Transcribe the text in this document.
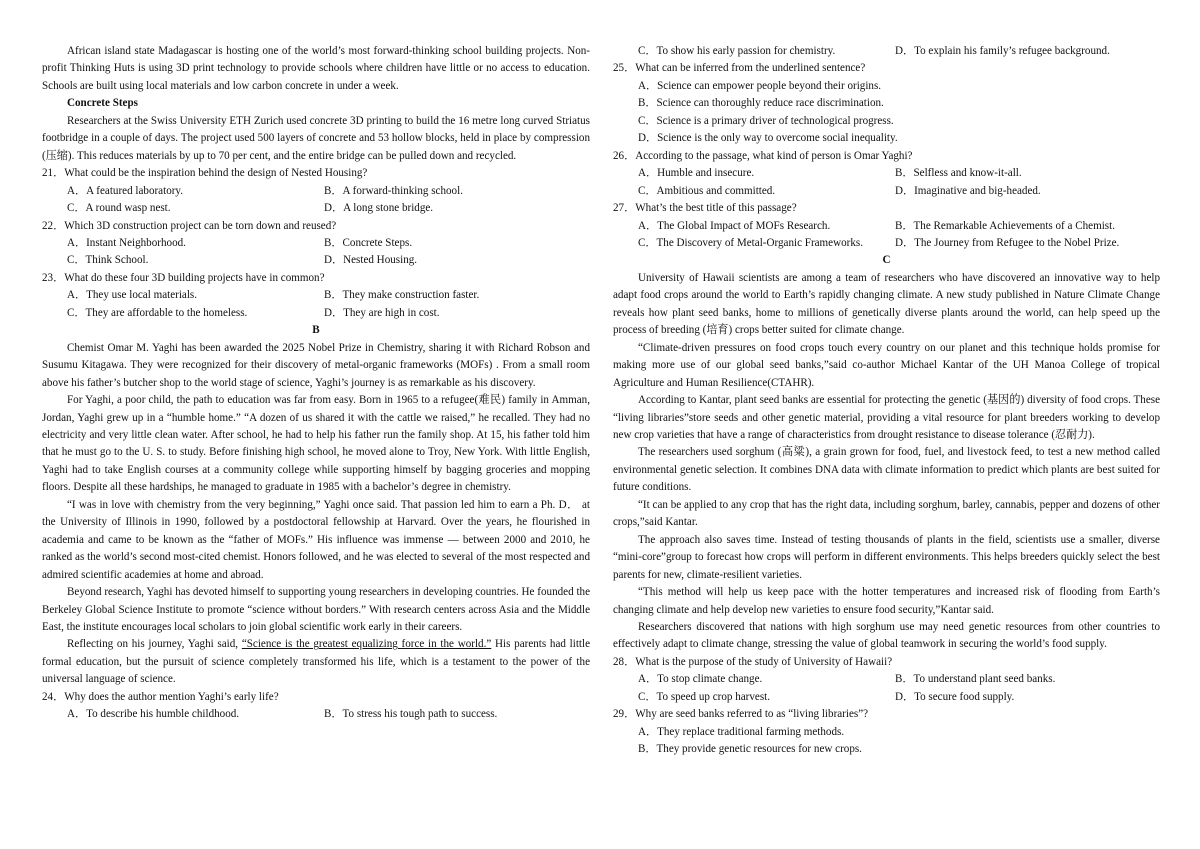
African island state Madagascar is hosting one of the world’s most forward-thinking school building projects. Non-profit Thinking Huts is using 3D print technology to provide schools where children have little or no access to education. Schools are built using local materials and low carbon concrete in under a week.

Concrete Steps

Researchers at the Swiss University ETH Zurich used concrete 3D printing to build the 16 metre long curved Striatus footbridge in a couple of days. The project used 500 layers of concrete and 53 hollow blocks, held in place by compression (压缩). This reduces materials by up to 70 per cent, and the entire bridge can be pulled down and recycled.

21．What could be the inspiration behind the design of Nested Housing?

A．A featured laboratory.	B．A forward-thinking school.
C．A round wasp nest.	D．A long stone bridge.

22．Which 3D construction project can be torn down and reused?

A．Instant Neighborhood.	B．Concrete Steps.
C．Think School.	D．Nested Housing.

23．What do these four 3D building projects have in common?

A．They use local materials.	B．They make construction faster.
C．They are affordable to the homeless.	D．They are high in cost.

B

Chemist Omar M. Yaghi has been awarded the 2025 Nobel Prize in Chemistry, sharing it with Richard Robson and Susumu Kitagawa. They were recognized for their discovery of metal-organic frameworks (MOFs) . From a small room above his father’s butcher shop to the world stage of science, Yaghi’s journey is as remarkable as his discovery.

For Yaghi, a poor child, the path to education was far from easy. Born in 1965 to a refugee(难民) family in Amman, Jordan, Yaghi grew up in a “humble home.” “A dozen of us shared it with the cattle we raised,” he recalled. They had no electricity and very little clean water. After school, he had to help his father run the family shop. At 15, his father told him that he must go to the U. S. to study. Before finishing high school, he moved alone to Troy, New York. With little English, Yaghi had to take English courses at a community college while supporting himself by bagging groceries and mopping floors. Despite all these hardships, he managed to graduate in 1985 with a bachelor’s degree in chemistry.

“I was in love with chemistry from the very beginning,” Yaghi once said. That passion led him to earn a Ph. D． at the University of Illinois in 1990, followed by a postdoctoral fellowship at Harvard. Over the years, he flourished in academia and came to be known as the “father of MOFs.” His influence was immense — between 2000 and 2010, he ranked as the world’s second most-cited chemist. Honors followed, and he was elected to several of the most respected and admired scientific academies at home and abroad.

Beyond research, Yaghi has devoted himself to supporting young researchers in developing countries. He founded the Berkeley Global Science Institute to promote “science without borders.” With research centers across Asia and the Middle East, the institute encourages local scholars to join global scientific work early in their careers.

Reflecting on his journey, Yaghi said, “Science is the greatest equalizing force in the world.” His parents had little formal education, but the pursuit of science completely transformed his life, which is a testament to the power of the universal language of science.

24．Why does the author mention Yaghi’s early life?

A．To describe his humble childhood.	B．To stress his tough path to success.
C．To show his early passion for chemistry.	D．To explain his family’s refugee background.

25．What can be inferred from the underlined sentence?

A．Science can empower people beyond their origins.
B．Science can thoroughly reduce race discrimination.
C．Science is a primary driver of technological progress.
D．Science is the only way to overcome social inequality.

26．According to the passage, what kind of person is Omar Yaghi?

A．Humble and insecure.	B．Selfless and know-it-all.
C．Ambitious and committed.	D．Imaginative and big-headed.

27．What’s the best title of this passage?

A．The Global Impact of MOFs Research.	B．The Remarkable Achievements of a Chemist.
C．The Discovery of Metal-Organic Frameworks.	D．The Journey from Refugee to the Nobel Prize.

C

University of Hawaii scientists are among a team of researchers who have discovered an innovative way to help adapt food crops around the world to Earth’s rapidly changing climate. A new study published in Nature Climate Change reveals how plant seed banks, home to millions of genetically diverse plants around the world, can help speed up the process of breeding (培育) crops better suited for climate change.

“Climate-driven pressures on food crops touch every country on our planet and this technique holds promise for making more use of our global seed banks,”said co-author Michael Kantar of the UH Manoa College of tropical Agriculture and Human Resilience(CTAHR).

According to Kantar, plant seed banks are essential for protecting the genetic (基因的) diversity of food crops. These “living libraries”store seeds and other genetic material, providing a vital resource for plant breeders working to develop new crop varieties that have a range of characteristics from drought resistance to disease tolerance (忍耐力).

The researchers used sorghum (高粱), a grain grown for food, fuel, and livestock feed, to test a new method called environmental genetic selection. It combines DNA data with climate information to predict which plants are best suited for future conditions.

“It can be applied to any crop that has the right data, including sorghum, barley, cannabis, pepper and dozens of other crops,”said Kantar.

The approach also saves time. Instead of testing thousands of plants in the field, scientists use a smaller, diverse “mini-core”group to forecast how crops will perform in different environments. This helps breeders quickly select the best parents for new, climate-resilient varieties.

“This method will help us keep pace with the hotter temperatures and increased risk of flooding from Earth’s changing climate and help develop new varieties to ensure food security,”Kantar said.

Researchers discovered that nations with high sorghum use may need genetic resources from other countries to effectively adapt to climate change, stressing the value of global teamwork in securing the world’s food supply.

28．What is the purpose of the study of University of Hawaii?

A．To stop climate change.	B．To understand plant seed banks.
C．To speed up crop harvest.	D．To secure food supply.

29．Why are seed banks referred to as “living libraries”?

A．They replace traditional farming methods.
B．They provide genetic resources for new crops.
